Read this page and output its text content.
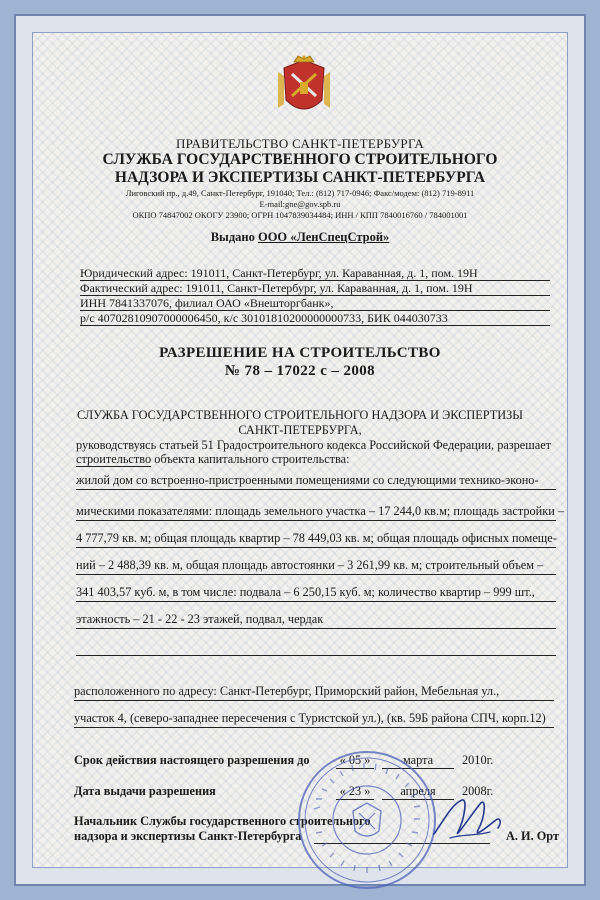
ПРАВИТЕЛЬСТВО САНКТ-ПЕТЕРБУРГА
СЛУЖБА ГОСУДАРСТВЕННОГО СТРОИТЕЛЬНОГО
НАДЗОРА И ЭКСПЕРТИЗЫ САНКТ-ПЕТЕРБУРГА
Лиговский пр., д.49, Санкт-Петербург, 191040; Тел.: (812) 717-0946; Факс/модем: (812) 719-8911
E-mail:gne@gov.spb.ru
ОКПО 74847002 ОКОГУ 23900; ОГРН 1047839034484; ИНН / КПП 7840016760 / 784001001
Выдано ООО «ЛенСпецСтрой»
Юридический адрес: 191011, Санкт-Петербург, ул. Караванная, д. 1, пом. 19Н
Фактический адрес: 191011, Санкт-Петербург, ул. Караванная, д. 1, пом. 19Н
ИНН 7841337076, филиал ОАО «Внешторгбанк»,
р/с 40702810907000006450, к/с 30101810200000000733, БИК 044030733
РАЗРЕШЕНИЕ НА СТРОИТЕЛЬСТВО
№ 78 – 17022 с – 2008
СЛУЖБА ГОСУДАРСТВЕННОГО СТРОИТЕЛЬНОГО НАДЗОРА И ЭКСПЕРТИЗЫ
САНКТ-ПЕТЕРБУРГА,
руководствуясь статьей 51 Градостроительного кодекса Российской Федерации, разрешает
строительство объекта капитального строительства:
жилой дом со встроенно-пристроенными помещениями со следующими технико-эконо-
мическими показателями: площадь земельного участка – 17 244,0 кв.м; площадь застройки –
4 777,79 кв. м; общая площадь квартир – 78 449,03 кв. м; общая площадь офисных помеще-
ний – 2 488,39 кв. м, общая площадь автостоянки – 3 261,99 кв. м; строительный объем –
341 403,57 куб. м, в том числе: подвала – 6 250,15 куб. м; количество квартир – 999 шт.,
этажность – 21 - 22 - 23 этажей, подвал, чердак
расположенного по адресу: Санкт-Петербург, Приморский район, Мебельная ул.,
участок 4, (северо-западнее пересечения с Туристской ул.), (кв. 59Б района СПЧ, корп.12)
Срок действия настоящего разрешения до « 05 »	марта	2010г.
Дата выдачи разрешения	« 23 »	апреля	2008г.
Начальник Службы государственного строительного
надзора и экспертизы Санкт-Петербурга	А. И. Орт
